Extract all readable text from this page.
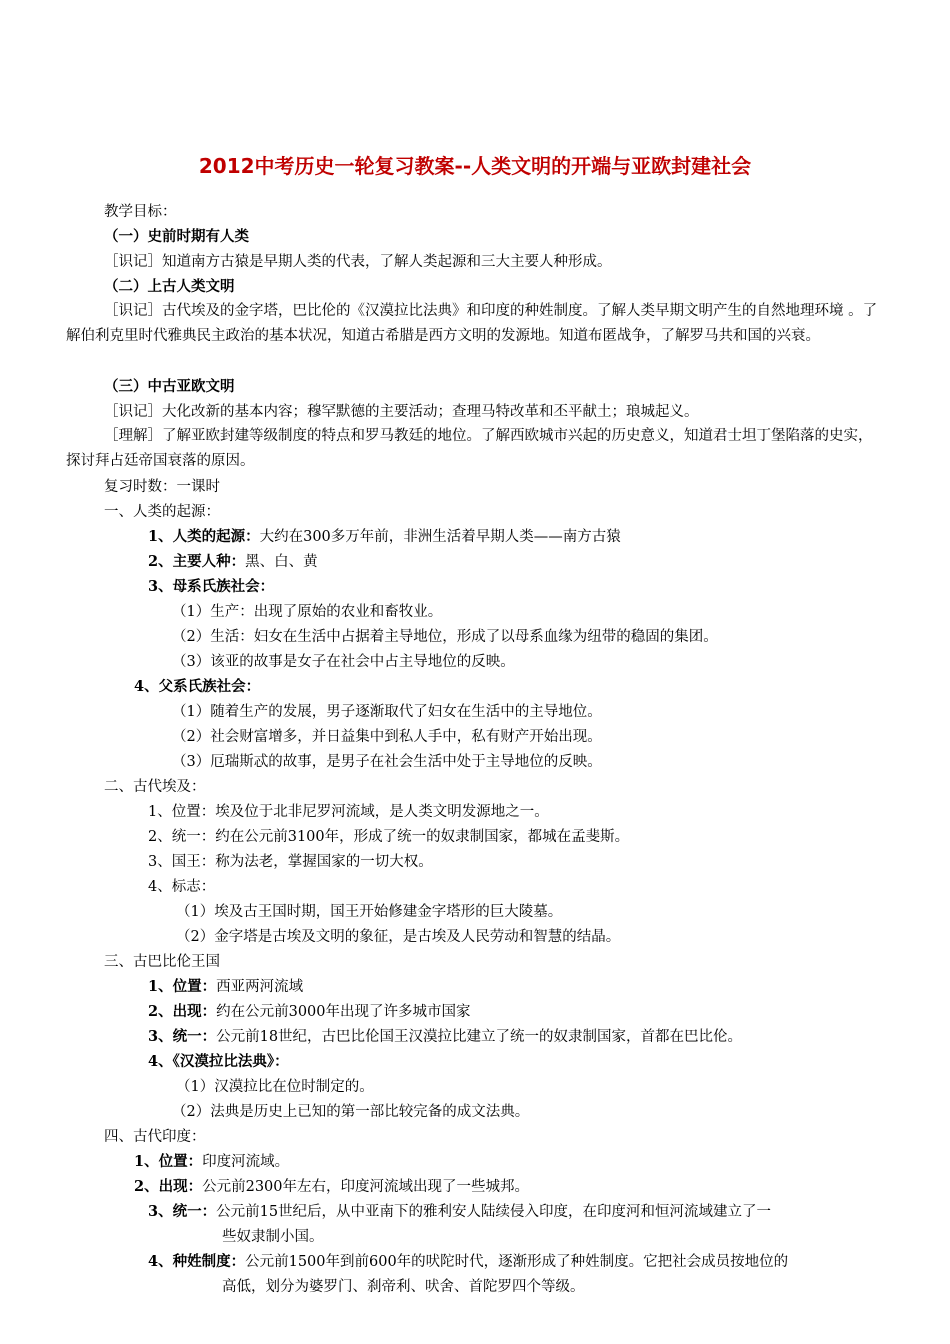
2012中考历史一轮复习教案--人类文明的开端与亚欧封建社会
教学目标：
（一）史前时期有人类
［识记］知道南方古猿是早期人类的代表，了解人类起源和三大主要人种形成。
（二）上古人类文明
［识记］古代埃及的金字塔，巴比伦的《汉漠拉比法典》和印度的种姓制度。了解人类早期文明产生的自然地理环境 。了解伯利克里时代雅典民主政治的基本状况，知道古希腊是西方文明的发源地。知道布匿战争，了解罗马共和国的兴衰。
（三）中古亚欧文明
［识记］大化改新的基本内容；穆罕默德的主要活动；查理马特改革和丕平献土；琅城起义。
［理解］了解亚欧封建等级制度的特点和罗马教廷的地位。了解西欧城市兴起的历史意义，知道君士坦丁堡陷落的史实，探讨拜占廷帝国衰落的原因。
复习时数：一课时
一、人类的起源：
1、人类的起源：大约在300多万年前，非洲生活着早期人类——南方古猿
2、主要人种：黑、白、黄
3、母系氏族社会：
（1）生产：出现了原始的农业和畜牧业。
（2）生活：妇女在生活中占据着主导地位，形成了以母系血缘为纽带的稳固的集团。
（3）该亚的故事是女子在社会中占主导地位的反映。
4、父系氏族社会：
（1）随着生产的发展，男子逐渐取代了妇女在生活中的主导地位。
（2）社会财富增多，并日益集中到私人手中，私有财产开始出现。
（3）厄瑞斯忒的故事，是男子在社会生活中处于主导地位的反映。
二、古代埃及：
1、位置：埃及位于北非尼罗河流域，是人类文明发源地之一。
2、统一：约在公元前3100年，形成了统一的奴隶制国家，都城在孟斐斯。
3、国王：称为法老，掌握国家的一切大权。
4、标志：
（1）埃及古王国时期，国王开始修建金字塔形的巨大陵墓。
（2）金字塔是古埃及文明的象征，是古埃及人民劳动和智慧的结晶。
三、古巴比伦王国
1、位置：西亚两河流域
2、出现：约在公元前3000年出现了许多城市国家
3、统一：公元前18世纪，古巴比伦国王汉漠拉比建立了统一的奴隶制国家，首都在巴比伦。
4、《汉漠拉比法典》：
（1）汉漠拉比在位时制定的。
（2）法典是历史上已知的第一部比较完备的成文法典。
四、古代印度：
1、位置：印度河流域。
2、出现：公元前2300年左右，印度河流域出现了一些城邦。
3、统一：公元前15世纪后，从中亚南下的雅利安人陆续侵入印度，在印度河和恒河流域建立了一
些奴隶制小国。
4、种姓制度：公元前1500年到前600年的吠陀时代，逐渐形成了种姓制度。它把社会成员按地位的
高低，划分为婆罗门、刹帝利、吠舍、首陀罗四个等级。
